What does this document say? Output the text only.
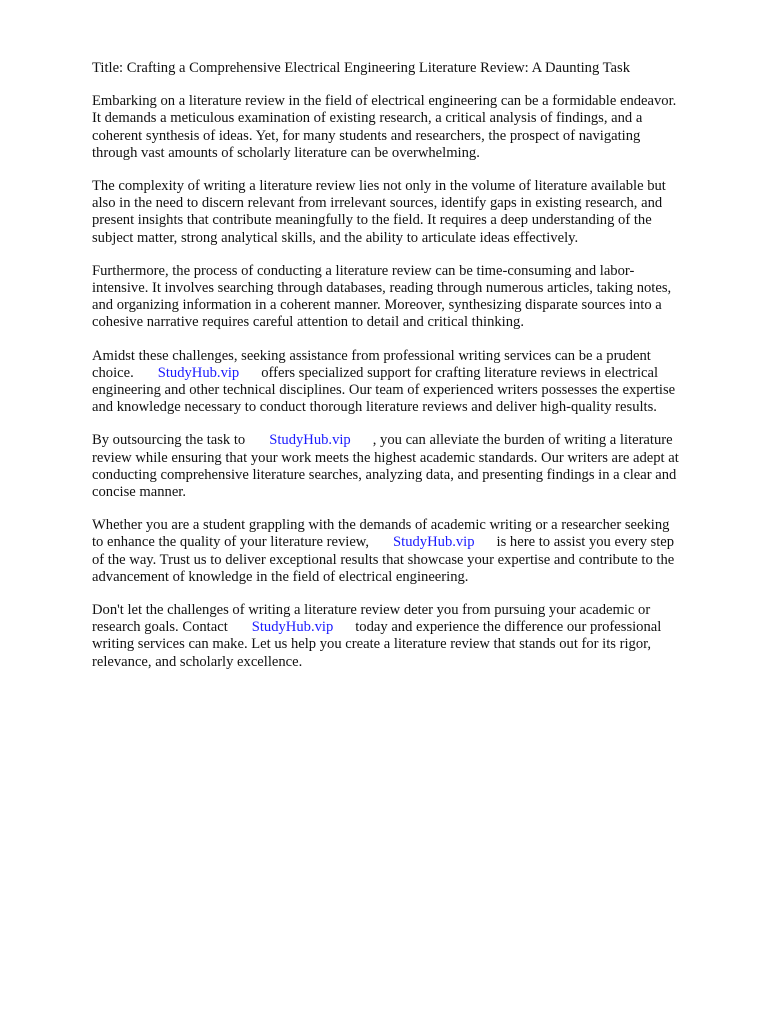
Title: Crafting a Comprehensive Electrical Engineering Literature Review: A Daunting Task
Embarking on a literature review in the field of electrical engineering can be a formidable endeavor.
It demands a meticulous examination of existing research, a critical analysis of findings, and a
coherent synthesis of ideas. Yet, for many students and researchers, the prospect of navigating
through vast amounts of scholarly literature can be overwhelming.
The complexity of writing a literature review lies not only in the volume of literature available but
also in the need to discern relevant from irrelevant sources, identify gaps in existing research, and
present insights that contribute meaningfully to the field. It requires a deep understanding of the
subject matter, strong analytical skills, and the ability to articulate ideas effectively.
Furthermore, the process of conducting a literature review can be time-consuming and labor-
intensive. It involves searching through databases, reading through numerous articles, taking notes,
and organizing information in a coherent manner. Moreover, synthesizing disparate sources into a
cohesive narrative requires careful attention to detail and critical thinking.
Amidst these challenges, seeking assistance from professional writing services can be a prudent
choice. StudyHub.vip offers specialized support for crafting literature reviews in electrical
engineering and other technical disciplines. Our team of experienced writers possesses the expertise
and knowledge necessary to conduct thorough literature reviews and deliver high-quality results.
By outsourcing the task to StudyHub.vip , you can alleviate the burden of writing a literature
review while ensuring that your work meets the highest academic standards. Our writers are adept at
conducting comprehensive literature searches, analyzing data, and presenting findings in a clear and
concise manner.
Whether you are a student grappling with the demands of academic writing or a researcher seeking
to enhance the quality of your literature review, StudyHub.vip is here to assist you every step
of the way. Trust us to deliver exceptional results that showcase your expertise and contribute to the
advancement of knowledge in the field of electrical engineering.
Don't let the challenges of writing a literature review deter you from pursuing your academic or
research goals. Contact StudyHub.vip today and experience the difference our professional
writing services can make. Let us help you create a literature review that stands out for its rigor,
relevance, and scholarly excellence.
